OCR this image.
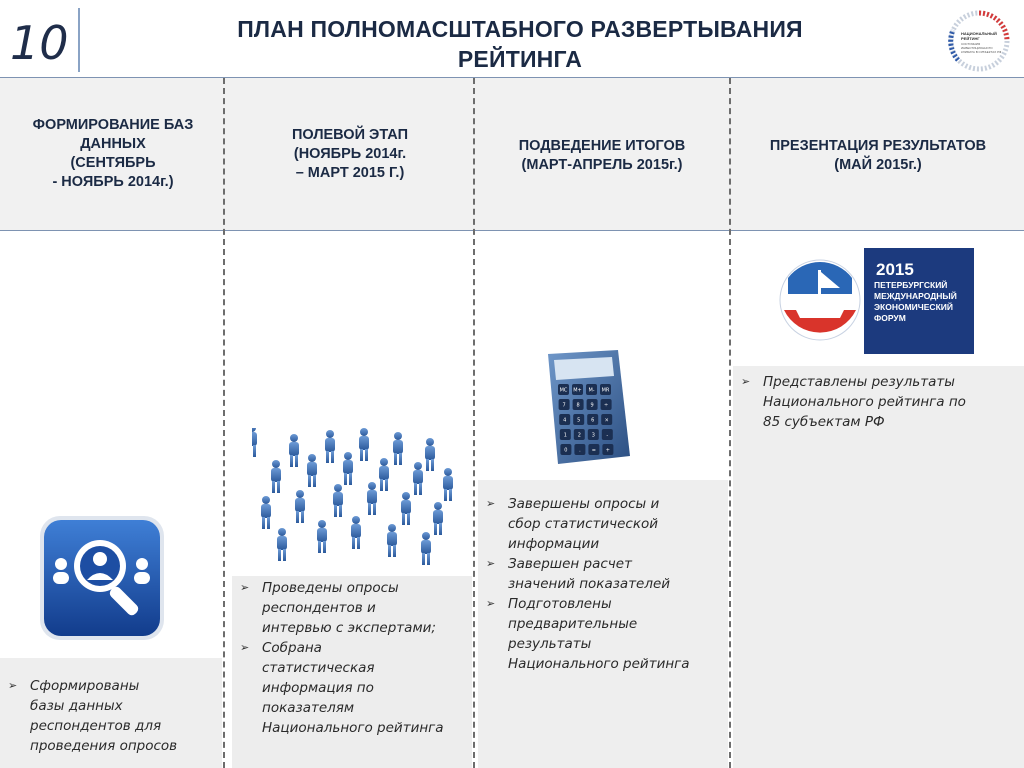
10	ПЛАН ПОЛНОМАСШТАБНОГО РАЗВЕРТЫВАНИЯ
РЕЙТИНГА
НАЦИОНАЛЬНЫЙ
РЕЙТИНГ
СОСТОЯНИЯ
ИНВЕСТИЦИОННОГО
КЛИМАТА В СУБЪЕКТАХ РФ
ФОРМИРОВАНИЕ БАЗ
ДАННЫХ
(СЕНТЯБРЬ
- НОЯБРЬ 2014г.)
ПОЛЕВОЙ ЭТАП
(НОЯБРЬ 2014г.
– МАРТ 2015 Г.)
ПОДВЕДЕНИЕ ИТОГОВ
(МАРТ-АПРЕЛЬ 2015г.)
ПРЕЗЕНТАЦИЯ РЕЗУЛЬТАТОВ
(МАЙ 2015г.)
MC M+ M- MR
7 8 9 ÷
4 5 6 ×
1 2 3 -
0 . = +
2015
ПЕТЕРБУРГСКИЙ
МЕЖДУНАРОДНЫЙ
ЭКОНОМИЧЕСКИЙ
ФОРУМ
➢ Сформированы
базы данных
респондентов для
проведения опросов
➢ Проведены опросы
респондентов и
интервью с экспертами;
➢ Собрана
статистическая
информация по
показателям
Национального рейтинга
➢ Завершены опросы и
сбор статистической
информации
➢ Завершен расчет
значений показателей
➢ Подготовлены
предварительные
результаты
Национального рейтинга
➢ Представлены результаты
Национального рейтинга по
85 субъектам РФ
